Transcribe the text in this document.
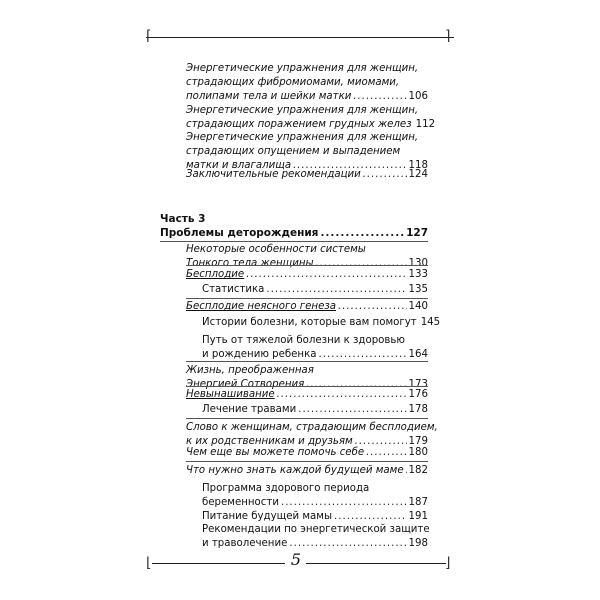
⌈	⌉
Энергетические упражнения для женщин,
страдающих фибромиомами, миомами,
полипами тела и шейки матки .....	106
Энергетические упражнения для женщин,
страдающих поражением грудных желез 112
Энергетические упражнения для женщин,
страдающих опущением и выпадением
матки и влагалища .....	118
Заключительные рекомендации .....	124
Часть 3
Проблемы деторождения .....	127
Некоторые особенности системы
Тонкого тела женщины .....	130
Бесплодие .....	133
Статистика .....	135
Бесплодие неясного генеза .....	140
Истории болезни, которые вам помогут 145
Путь от тяжелой болезни к здоровью
и рождению ребенка .....	164
Жизнь, преображенная
Энергией Сотворения .....	173
Невынашивание .....	176
Лечение травами .....	178
Слово к женщинам, страдающим бесплодием,
к их родственникам и друзьям .....	179
Чем еще вы можете помочь себе .....	180
Что нужно знать каждой будущей маме ..... 182
Программа здорового периода
беременности .....	187
Питание будущей мамы .....	191
Рекомендации по энергетической защите
и траволечение .....	198
⌊	⌋
5
